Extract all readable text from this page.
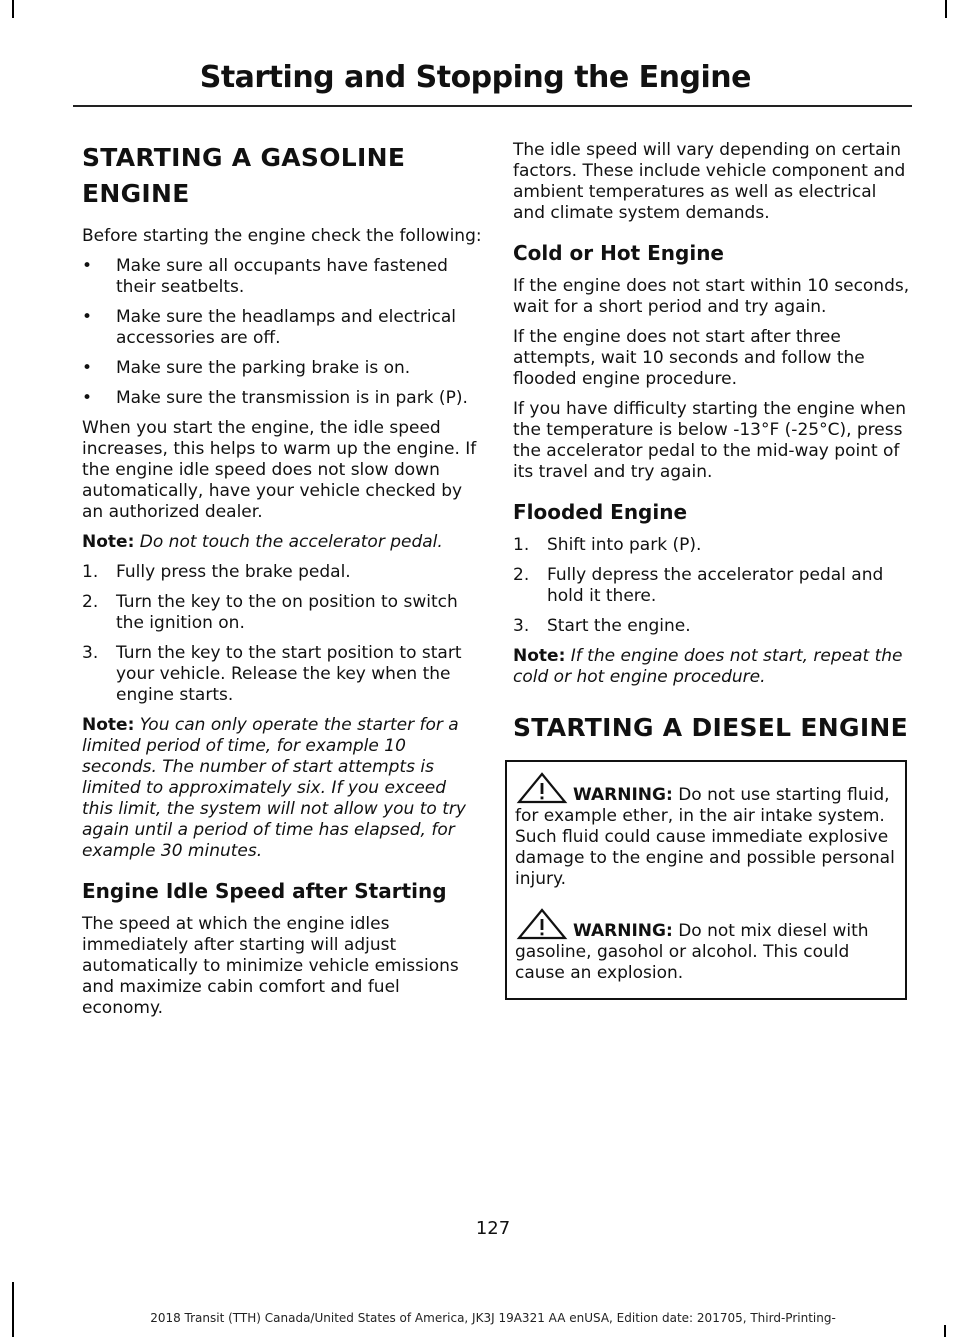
Starting and Stopping the Engine
STARTING A GASOLINE
ENGINE

Before starting the engine check the following:

• Make sure all occupants have fastened their seatbelts.
• Make sure the headlamps and electrical accessories are off.
• Make sure the parking brake is on.
• Make sure the transmission is in park (P).

When you start the engine, the idle speed increases, this helps to warm up the engine. If the engine idle speed does not slow down automatically, have your vehicle checked by an authorized dealer.

Note: Do not touch the accelerator pedal.

1. Fully press the brake pedal.
2. Turn the key to the on position to switch the ignition on.
3. Turn the key to the start position to start your vehicle. Release the key when the engine starts.

Note: You can only operate the starter for a limited period of time, for example 10 seconds. The number of start attempts is limited to approximately six. If you exceed this limit, the system will not allow you to try again until a period of time has elapsed, for example 30 minutes.

Engine Idle Speed after Starting

The speed at which the engine idles immediately after starting will adjust automatically to minimize vehicle emissions and maximize cabin comfort and fuel economy.

The idle speed will vary depending on certain factors. These include vehicle component and ambient temperatures as well as electrical and climate system demands.

Cold or Hot Engine

If the engine does not start within 10 seconds, wait for a short period and try again.

If the engine does not start after three attempts, wait 10 seconds and follow the flooded engine procedure.

If you have difficulty starting the engine when the temperature is below -13°F (-25°C), press the accelerator pedal to the mid-way point of its travel and try again.

Flooded Engine
1. Shift into park (P).
2. Fully depress the accelerator pedal and hold it there.
3. Start the engine.

Note: If the engine does not start, repeat the cold or hot engine procedure.

STARTING A DIESEL ENGINE

WARNING: Do not use starting fluid, for example ether, in the air intake system. Such fluid could cause immediate explosive damage to the engine and possible personal injury.

WARNING: Do not mix diesel with gasoline, gasohol or alcohol. This could cause an explosion.

127
2018 Transit (TTH) Canada/United States of America, JK3J 19A321 AA enUSA, Edition date: 201705, Third-Printing-
